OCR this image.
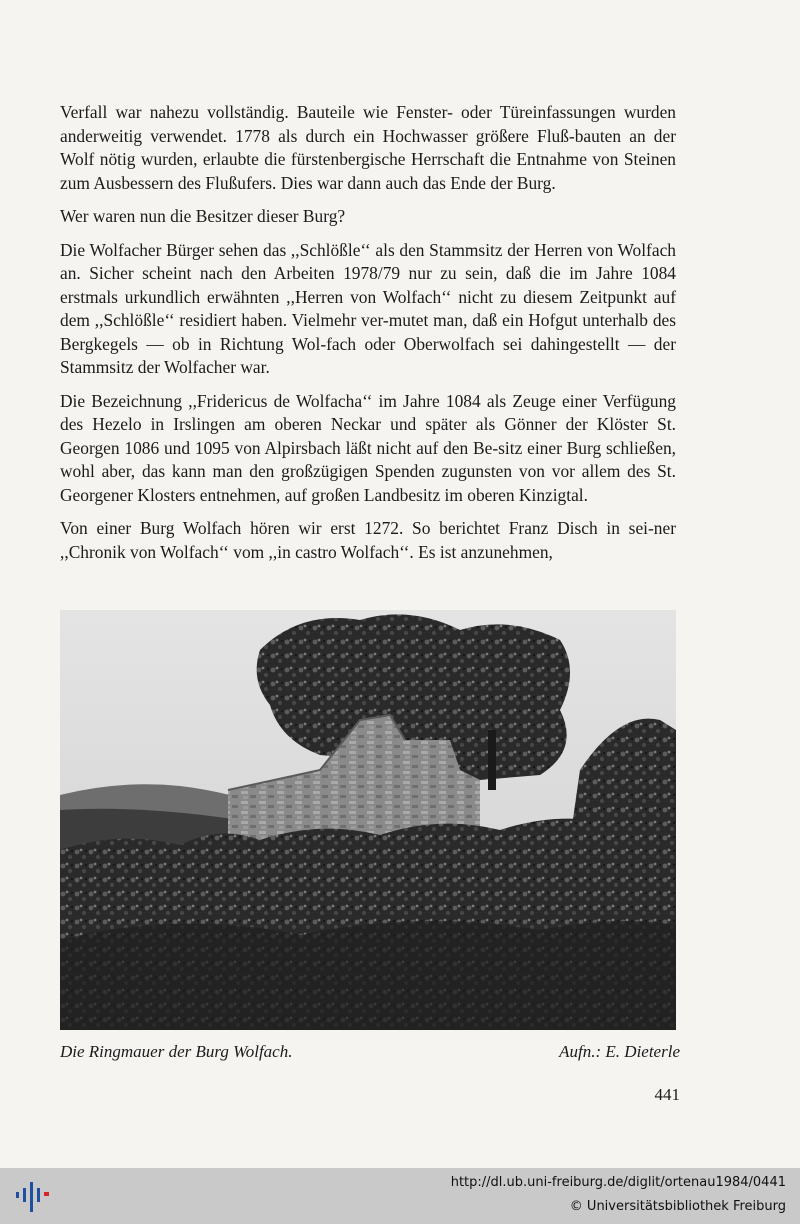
Verfall war nahezu vollständig. Bauteile wie Fenster- oder Türeinfassungen wurden anderweitig verwendet. 1778 als durch ein Hochwasser größere Fluß-bauten an der Wolf nötig wurden, erlaubte die fürstenbergische Herrschaft die Entnahme von Steinen zum Ausbessern des Flußufers. Dies war dann auch das Ende der Burg.

Wer waren nun die Besitzer dieser Burg?

Die Wolfacher Bürger sehen das ,,Schlößle‘‘ als den Stammsitz der Herren von Wolfach an. Sicher scheint nach den Arbeiten 1978/79 nur zu sein, daß die im Jahre 1084 erstmals urkundlich erwähnten ,,Herren von Wolfach‘‘ nicht zu diesem Zeitpunkt auf dem ,,Schlößle‘‘ residiert haben. Vielmehr ver-mutet man, daß ein Hofgut unterhalb des Bergkegels — ob in Richtung Wol-fach oder Oberwolfach sei dahingestellt — der Stammsitz der Wolfacher war.

Die Bezeichnung ,,Fridericus de Wolfacha‘‘ im Jahre 1084 als Zeuge einer Verfügung des Hezelo in Irslingen am oberen Neckar und später als Gönner der Klöster St. Georgen 1086 und 1095 von Alpirsbach läßt nicht auf den Be-sitz einer Burg schließen, wohl aber, das kann man den großzügigen Spenden zugunsten von vor allem des St. Georgener Klosters entnehmen, auf großen Landbesitz im oberen Kinzigtal.

Von einer Burg Wolfach hören wir erst 1272. So berichtet Franz Disch in sei-ner ,,Chronik von Wolfach‘‘ vom ,,in castro Wolfach‘‘. Es ist anzunehmen,

Die Ringmauer der Burg Wolfach.	Aufn.: E. Dieterle
441
http://dl.ub.uni-freiburg.de/diglit/ortenau1984/0441
© Universitätsbibliothek Freiburg
